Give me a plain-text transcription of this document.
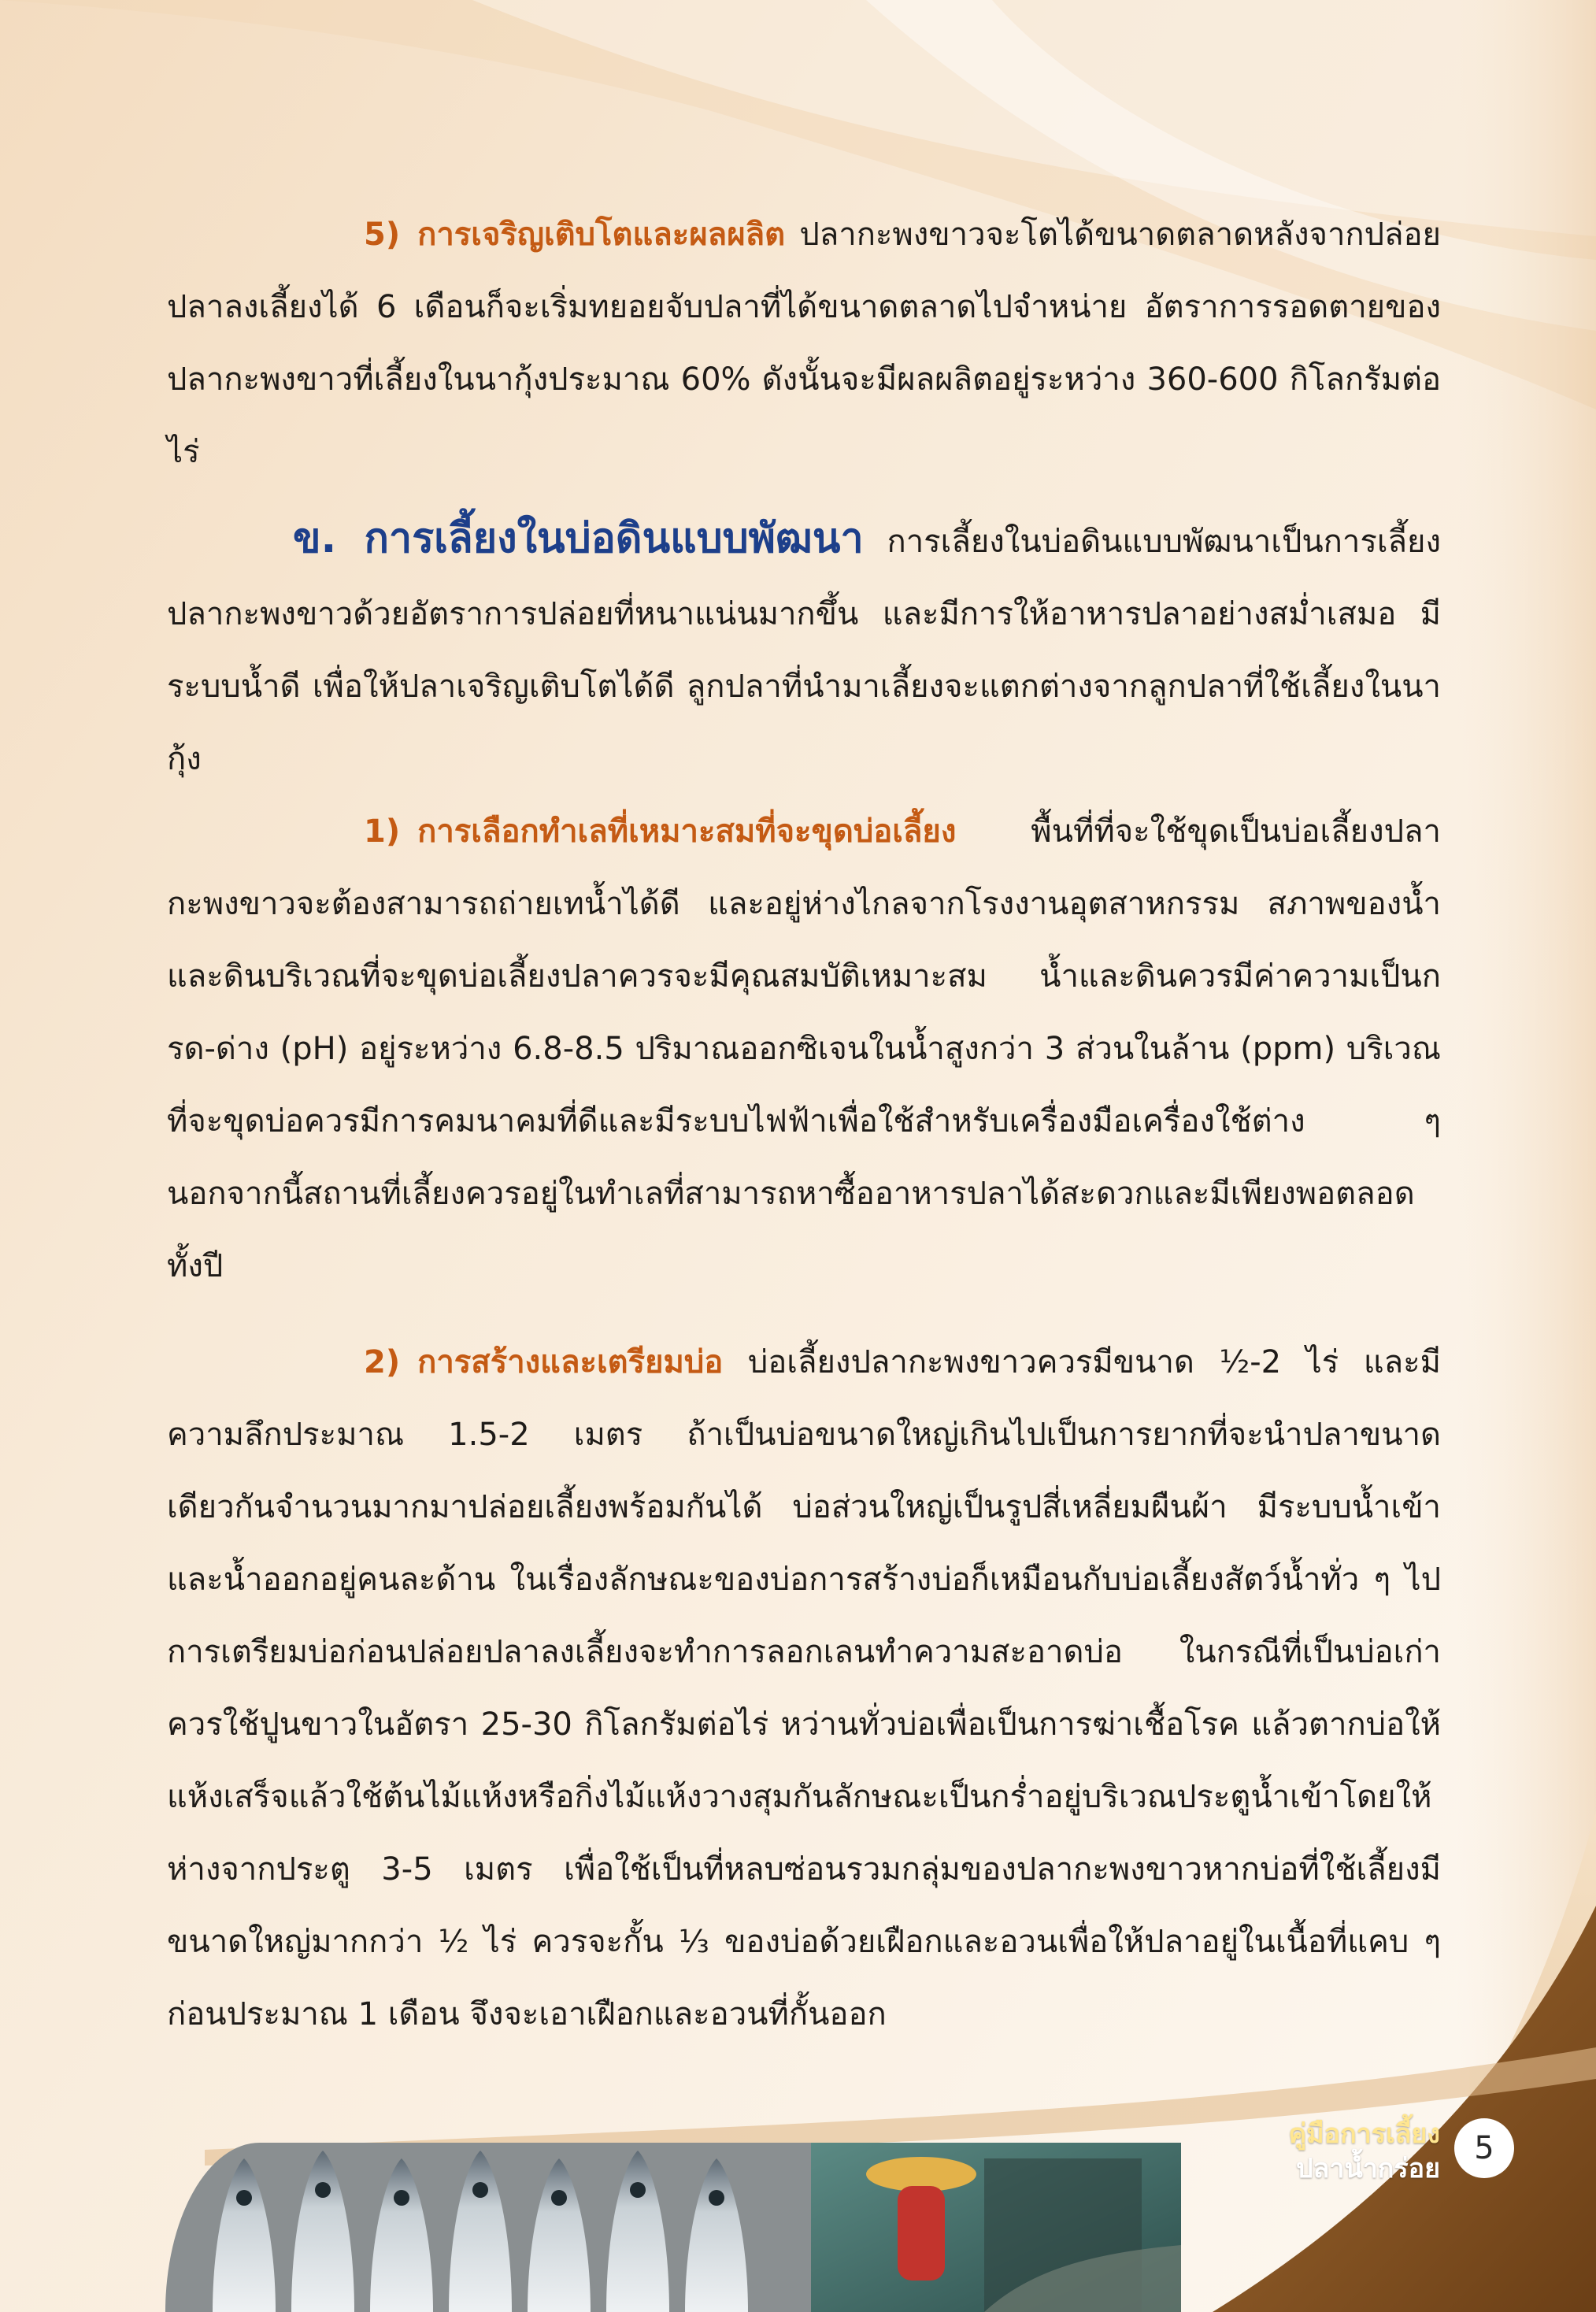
5) การเจริญเติบโตและผลผลิต ปลากะพงขาวจะโตได้ขนาดตลาดหลังจากปล่อยปลาลงเลี้ยงได้ 6 เดือนก็จะเริ่มทยอยจับปลาที่ได้ขนาดตลาดไปจำหน่าย อัตราการรอดตายของปลากะพงขาวที่เลี้ยงในนากุ้งประมาณ 60% ดังนั้นจะมีผลผลิตอยู่ระหว่าง 360-600 กิโลกรัมต่อไร่

ข. การเลี้ยงในบ่อดินแบบพัฒนา การเลี้ยงในบ่อดินแบบพัฒนาเป็นการเลี้ยงปลากะพงขาวด้วยอัตราการปล่อยที่หนาแน่นมากขึ้น และมีการให้อาหารปลาอย่างสม่ำเสมอ มีระบบน้ำดี เพื่อให้ปลาเจริญเติบโตได้ดี ลูกปลาที่นำมาเลี้ยงจะแตกต่างจากลูกปลาที่ใช้เลี้ยงในนากุ้ง

1) การเลือกทำเลที่เหมาะสมที่จะขุดบ่อเลี้ยง พื้นที่ที่จะใช้ขุดเป็นบ่อเลี้ยงปลากะพงขาวจะต้องสามารถถ่ายเทน้ำได้ดี และอยู่ห่างไกลจากโรงงานอุตสาหกรรม สภาพของน้ำและดินบริเวณที่จะขุดบ่อเลี้ยงปลาควรจะมีคุณสมบัติเหมาะสม น้ำและดินควรมีค่าความเป็นกรด-ด่าง (pH) อยู่ระหว่าง 6.8-8.5 ปริมาณออกซิเจนในน้ำสูงกว่า 3 ส่วนในล้าน (ppm) บริเวณที่จะขุดบ่อควรมีการคมนาคมที่ดีและมีระบบไฟฟ้าเพื่อใช้สำหรับเครื่องมือเครื่องใช้ต่าง ๆ นอกจากนี้สถานที่เลี้ยงควรอยู่ในทำเลที่สามารถหาซื้ออาหารปลาได้สะดวกและมีเพียงพอตลอดทั้งปี

2) การสร้างและเตรียมบ่อ บ่อเลี้ยงปลากะพงขาวควรมีขนาด ½-2 ไร่ และมีความลึกประมาณ 1.5-2 เมตร ถ้าเป็นบ่อขนาดใหญ่เกินไปเป็นการยากที่จะนำปลาขนาดเดียวกันจำนวนมากมาปล่อยเลี้ยงพร้อมกันได้ บ่อส่วนใหญ่เป็นรูปสี่เหลี่ยมผืนผ้า มีระบบน้ำเข้าและน้ำออกอยู่คนละด้าน ในเรื่องลักษณะของบ่อการสร้างบ่อก็เหมือนกับบ่อเลี้ยงสัตว์น้ำทั่ว ๆ ไป การเตรียมบ่อก่อนปล่อยปลาลงเลี้ยงจะทำการลอกเลนทำความสะอาดบ่อ ในกรณีที่เป็นบ่อเก่าควรใช้ปูนขาวในอัตรา 25-30 กิโลกรัมต่อไร่ หว่านทั่วบ่อเพื่อเป็นการฆ่าเชื้อโรค แล้วตากบ่อให้แห้งเสร็จแล้วใช้ต้นไม้แห้งหรือกิ่งไม้แห้งวางสุมกันลักษณะเป็นกร่ำอยู่บริเวณประตูน้ำเข้าโดยให้ห่างจากประตู 3-5 เมตร เพื่อใช้เป็นที่หลบซ่อนรวมกลุ่มของปลากะพงขาวหากบ่อที่ใช้เลี้ยงมีขนาดใหญ่มากกว่า ½ ไร่ ควรจะกั้น ⅓ ของบ่อด้วยเฝือกและอวนเพื่อให้ปลาอยู่ในเนื้อที่แคบ ๆ ก่อนประมาณ 1 เดือน จึงจะเอาเฝือกและอวนที่กั้นออก

คู่มือการเลี้ยง
ปลาน้ำกร่อย
5
